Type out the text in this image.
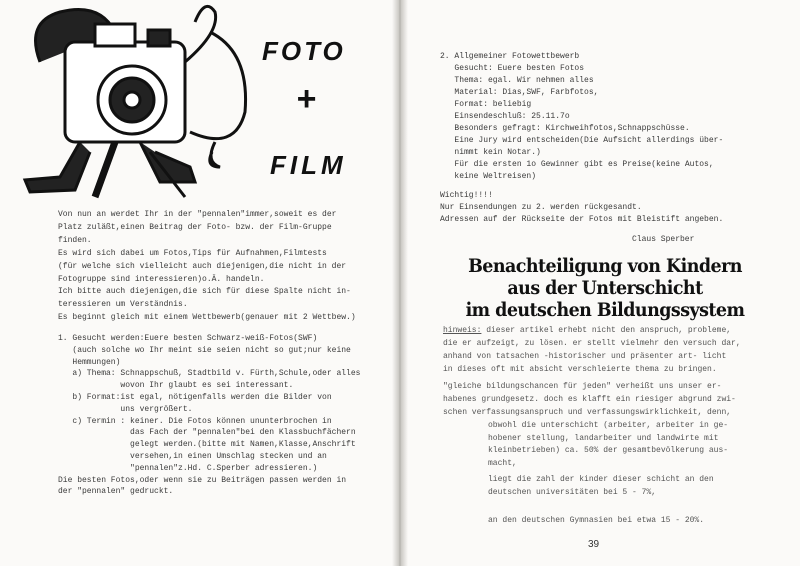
FOTO
+
FILM
Von nun an werdet Ihr in der "pennalen"immer,soweit es der
Platz zuläßt,einen Beitrag der Foto- bzw. der Film-Gruppe
finden.
Es wird sich dabei um Fotos,Tips für Aufnahmen,Filmtests
(für welche sich vielleicht auch diejenigen,die nicht in der
Fotogruppe sind interessieren)o.Ä. handeln.
Ich bitte auch diejenigen,die sich für diese Spalte nicht in-
teressieren um Verständnis.
Es beginnt gleich mit einem Wettbewerb(genauer mit 2 Wettbew.)
1. Gesucht werden:Euere besten Schwarz-weiß-Fotos(SWF)
(auch solche wo Ihr meint sie seien nicht so gut;nur keine
Hemmungen)
a) Thema: Schnappschuß, Stadtbild v. Fürth,Schule,oder alles
wovon Ihr glaubt es sei interessant.
b) Format:ist egal, nötigenfalls werden die Bilder von
uns vergrößert.
c) Termin : keiner. Die Fotos können ununterbrochen in
das Fach der "pennalen"bei den Klassbuchfächern
gelegt werden.(bitte mit Namen,Klasse,Anschrift
versehen,in einen Umschlag stecken und an
"pennalen"z.Hd. C.Sperber adressieren.)
Die besten Fotos,oder wenn sie zu Beiträgen passen werden in
der "pennalen" gedruckt.
2. Allgemeiner Fotowettbewerb
Gesucht: Euere besten Fotos
Thema: egal. Wir nehmen alles
Material: Dias,SWF, Farbfotos,
Format: beliebig
Einsendeschluß: 25.11.7o
Besonders gefragt: Kirchweihfotos,Schnappschüsse.
Eine Jury wird entscheiden(Die Aufsicht allerdings über-
nimmt kein Notar.)
Für die ersten 1o Gewinner gibt es Preise(keine Autos,
keine Weltreisen)
Wichtig!!!!
Nur Einsendungen zu 2. werden rückgesandt.
Adressen auf der Rückseite der Fotos mit Bleistift angeben.
Claus Sperber
Benachteiligung von Kindern
aus der Unterschicht
im deutschen Bildungssystem
hinweis: dieser artikel erhebt nicht den anspruch, probleme,
die er aufzeigt, zu lösen. er stellt vielmehr den versuch dar,
anhand von tatsachen -historischer und präsenter art- licht
in dieses oft mit absicht verschleierte thema zu bringen.
"gleiche bildungschancen für jeden" verheißt uns unser er-
habenes grundgesetz. doch es klafft ein riesiger abgrund zwi-
schen verfassungsanspruch und verfassungswirklichkeit, denn,
obwohl die unterschicht (arbeiter, arbeiter in ge-
hobener stellung, landarbeiter und landwirte mit
kleinbetrieben) ca. 50% der gesamtbevölkerung aus-
macht,
liegt die zahl der kinder dieser schicht an den
deutschen universitäten bei 5 - 7%,
an den deutschen Gymnasien bei etwa 15 - 20%.
39
